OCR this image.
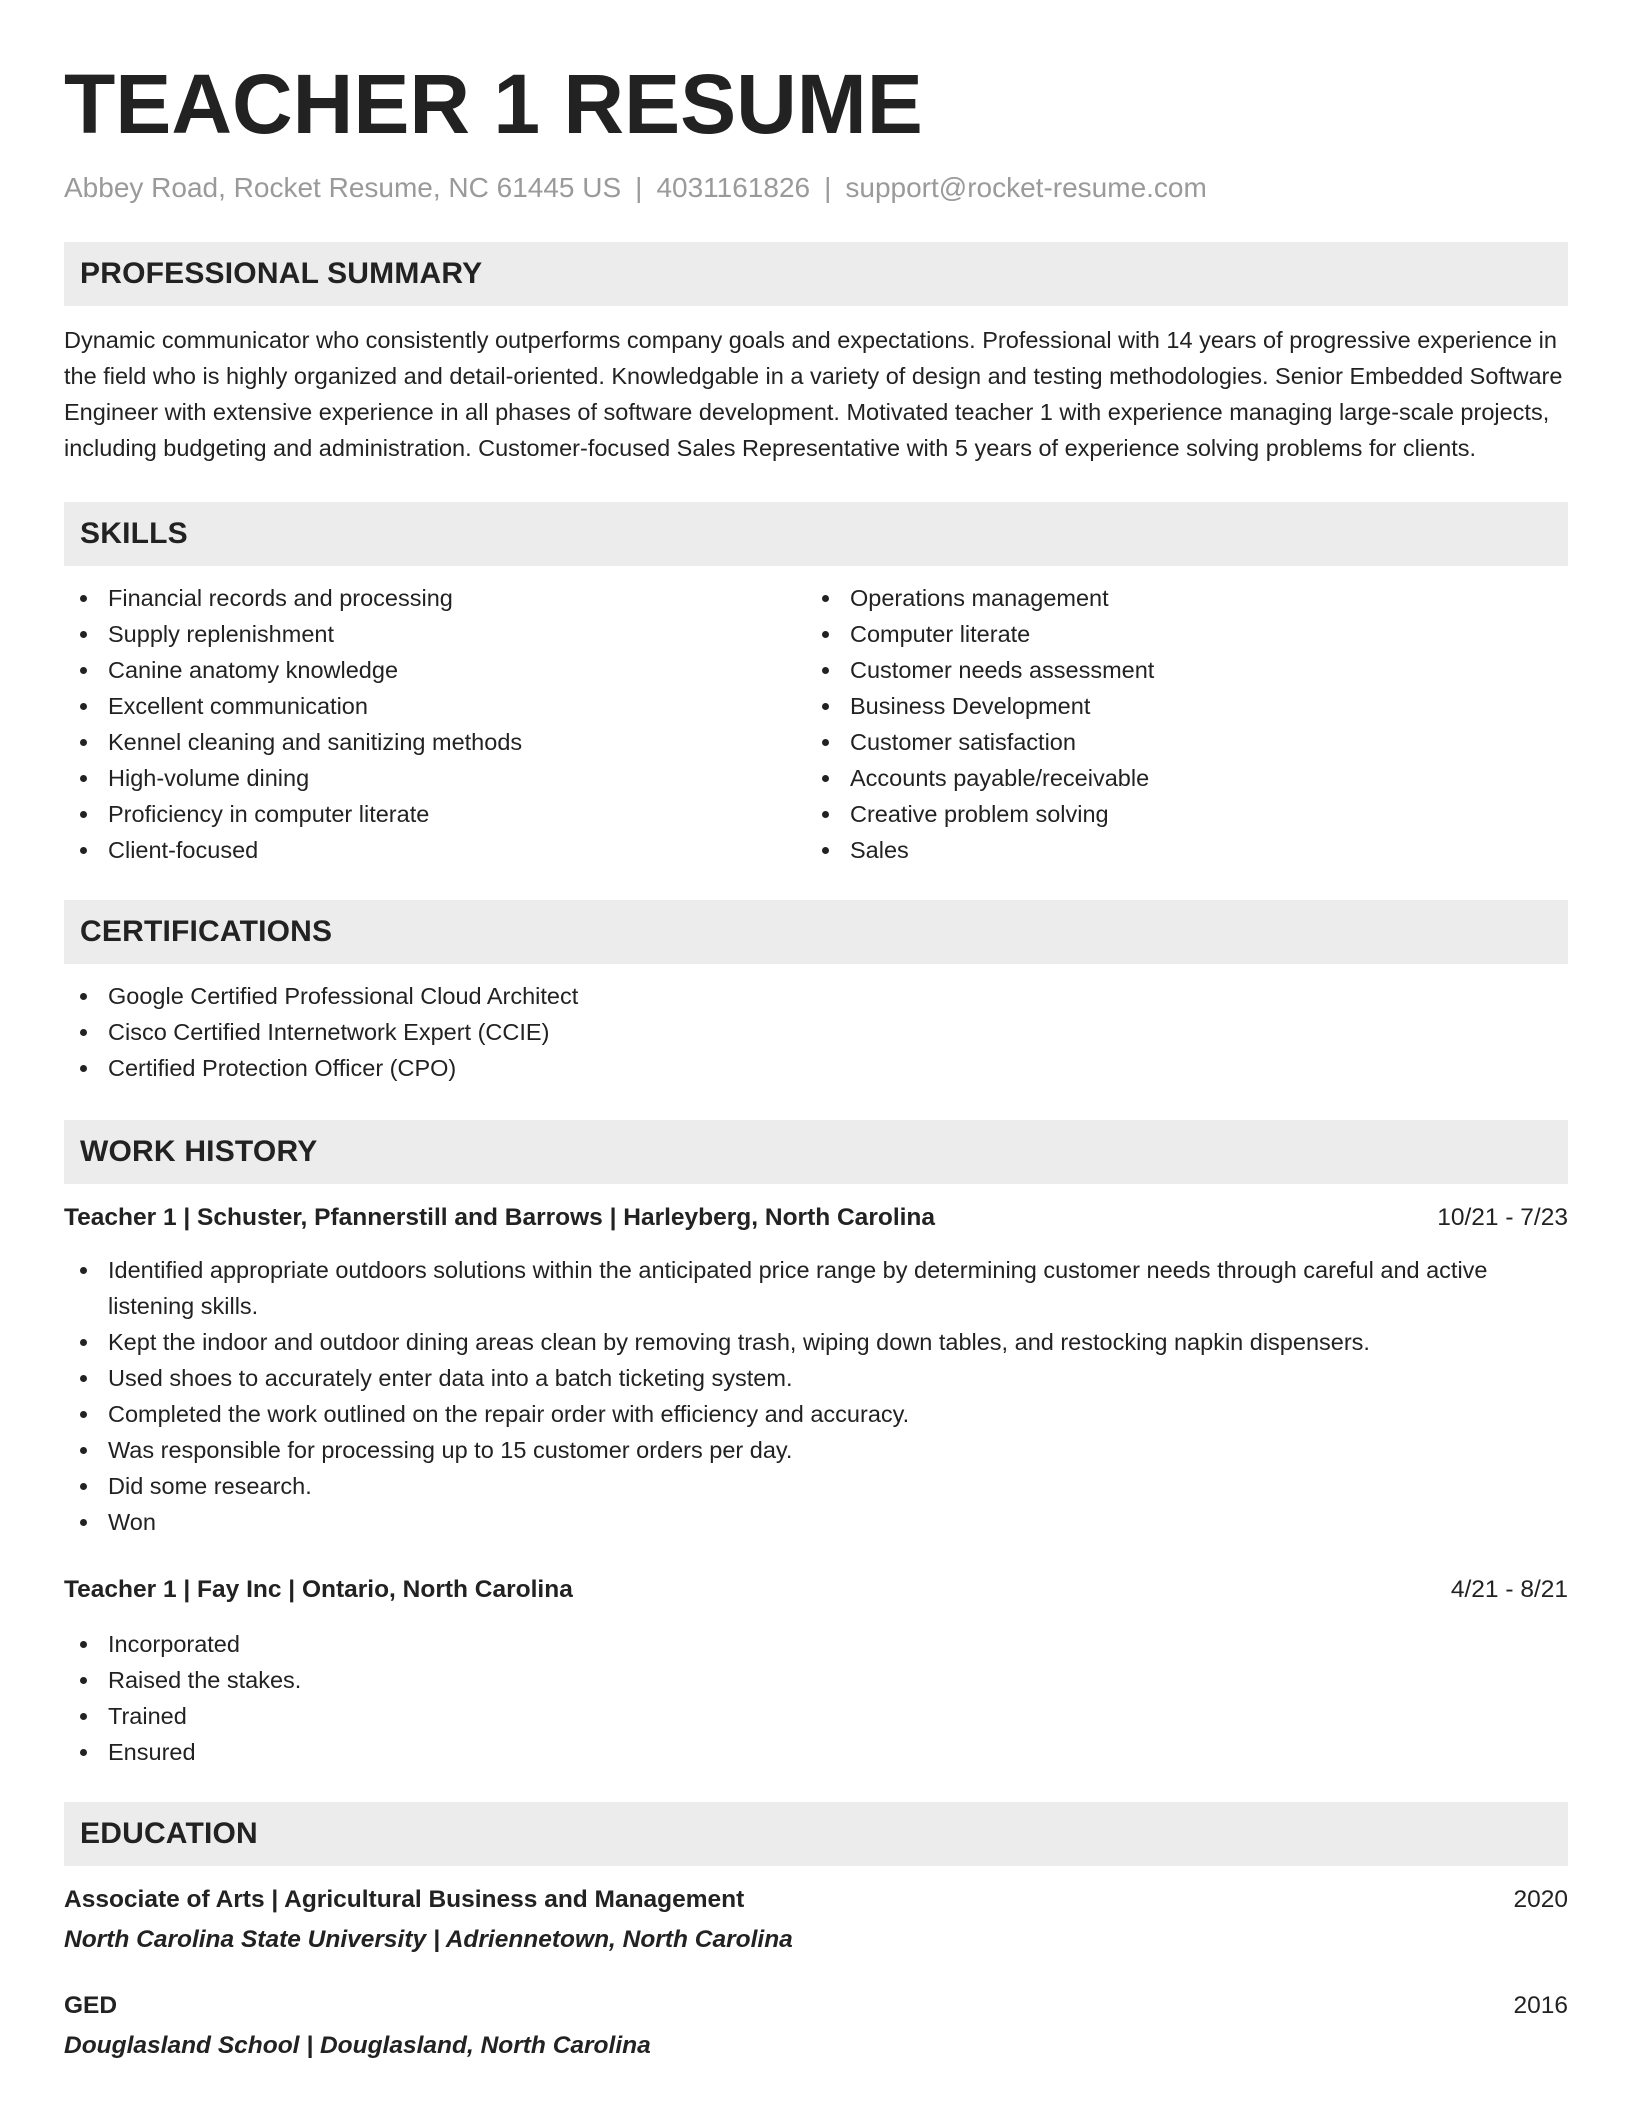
TEACHER 1 RESUME
Abbey Road, Rocket Resume, NC 61445 US | 4031161826 | support@rocket-resume.com
PROFESSIONAL SUMMARY
Dynamic communicator who consistently outperforms company goals and expectations. Professional with 14 years of progressive experience in the field who is highly organized and detail-oriented. Knowledgable in a variety of design and testing methodologies. Senior Embedded Software Engineer with extensive experience in all phases of software development. Motivated teacher 1 with experience managing large-scale projects, including budgeting and administration. Customer-focused Sales Representative with 5 years of experience solving problems for clients.
SKILLS
Financial records and processing
Supply replenishment
Canine anatomy knowledge
Excellent communication
Kennel cleaning and sanitizing methods
High-volume dining
Proficiency in computer literate
Client-focused
Operations management
Computer literate
Customer needs assessment
Business Development
Customer satisfaction
Accounts payable/receivable
Creative problem solving
Sales
CERTIFICATIONS
Google Certified Professional Cloud Architect
Cisco Certified Internetwork Expert (CCIE)
Certified Protection Officer (CPO)
WORK HISTORY
Teacher 1 | Schuster, Pfannerstill and Barrows | Harleyberg, North Carolina	10/21 - 7/23
Identified appropriate outdoors solutions within the anticipated price range by determining customer needs through careful and active listening skills.
Kept the indoor and outdoor dining areas clean by removing trash, wiping down tables, and restocking napkin dispensers.
Used shoes to accurately enter data into a batch ticketing system.
Completed the work outlined on the repair order with efficiency and accuracy.
Was responsible for processing up to 15 customer orders per day.
Did some research.
Won
Teacher 1 | Fay Inc | Ontario, North Carolina	4/21 - 8/21
Incorporated
Raised the stakes.
Trained
Ensured
EDUCATION
Associate of Arts | Agricultural Business and Management	2020
North Carolina State University | Adriennetown, North Carolina
GED	2016
Douglasland School | Douglasland, North Carolina
